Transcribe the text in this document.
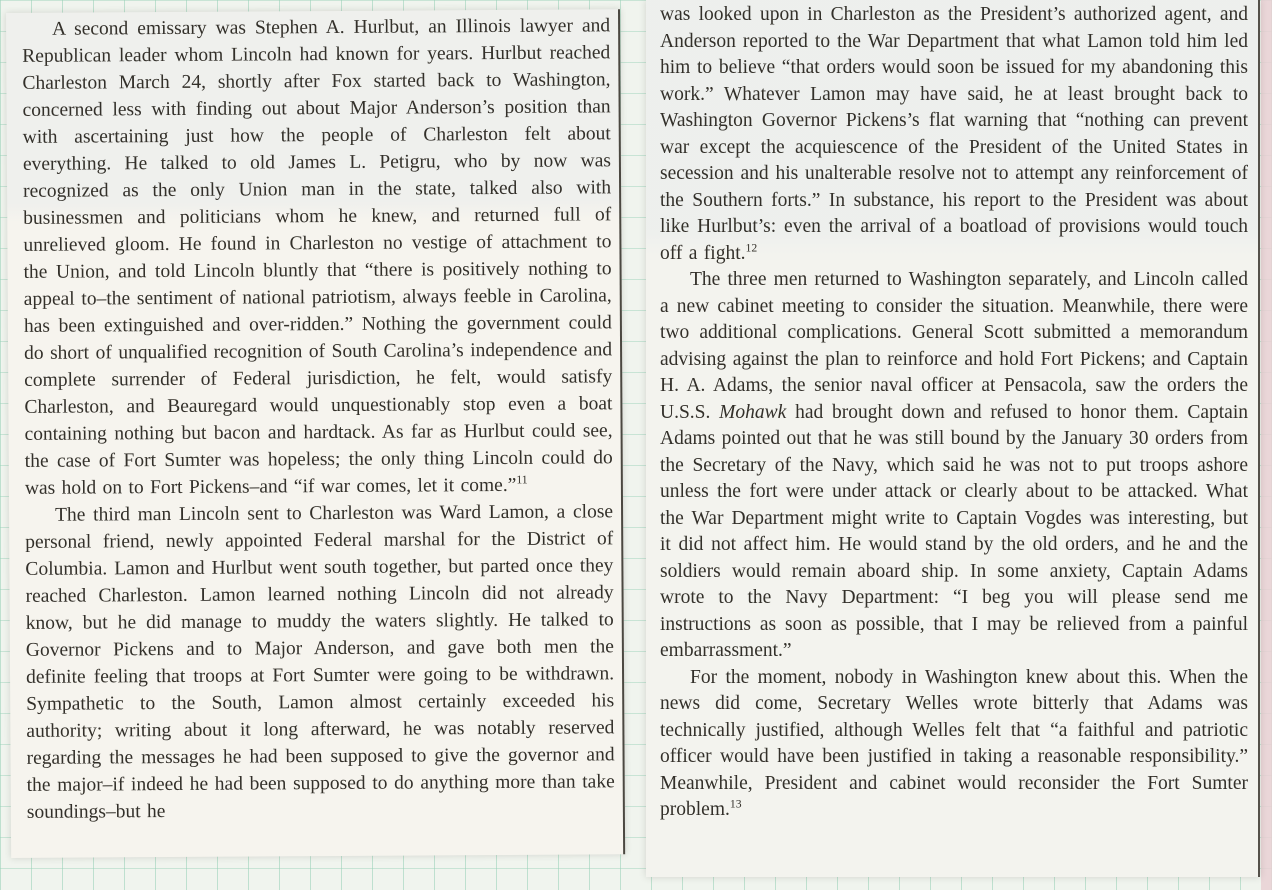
A second emissary was Stephen A. Hurlbut, an Illinois lawyer and Republican leader whom Lincoln had known for years. Hurlbut reached Charleston March 24, shortly after Fox started back to Washington, concerned less with finding out about Major Anderson’s position than with ascertaining just how the people of Charleston felt about everything. He talked to old James L. Petigru, who by now was recognized as the only Union man in the state, talked also with businessmen and politicians whom he knew, and returned full of unrelieved gloom. He found in Charleston no vestige of attachment to the Union, and told Lincoln bluntly that “there is positively nothing to appeal to–the sentiment of national patriotism, always feeble in Carolina, has been extinguished and over-ridden.” Nothing the government could do short of unqualified recognition of South Carolina’s independence and complete surrender of Federal jurisdiction, he felt, would satisfy Charleston, and Beauregard would unquestionably stop even a boat containing nothing but bacon and hardtack. As far as Hurlbut could see, the case of Fort Sumter was hopeless; the only thing Lincoln could do was hold on to Fort Pickens–and “if war comes, let it come.”$^{11}$

The third man Lincoln sent to Charleston was Ward Lamon, a close personal friend, newly appointed Federal marshal for the District of Columbia. Lamon and Hurlbut went south together, but parted once they reached Charleston. Lamon learned nothing Lincoln did not already know, but he did manage to muddy the waters slightly. He talked to Governor Pickens and to Major Anderson, and gave both men the definite feeling that troops at Fort Sumter were going to be withdrawn. Sympathetic to the South, Lamon almost certainly exceeded his authority; writing about it long afterward, he was notably reserved regarding the messages he had been supposed to give the governor and the major–if indeed he had been supposed to do anything more than take soundings–but he

was looked upon in Charleston as the President’s authorized agent, and Anderson reported to the War Department that what Lamon told him led him to believe “that orders would soon be issued for my abandoning this work.” Whatever Lamon may have said, he at least brought back to Washington Governor Pickens’s flat warning that “nothing can prevent war except the acquiescence of the President of the United States in secession and his unalterable resolve not to attempt any reinforcement of the Southern forts.” In substance, his report to the President was about like Hurlbut’s: even the arrival of a boatload of provisions would touch off a fight.$^{12}$

The three men returned to Washington separately, and Lincoln called a new cabinet meeting to consider the situation. Meanwhile, there were two additional complications. General Scott submitted a memorandum advising against the plan to reinforce and hold Fort Pickens; and Captain H. A. Adams, the senior naval officer at Pensacola, saw the orders the U.S.S. Mohawk had brought down and refused to honor them. Captain Adams pointed out that he was still bound by the January 30 orders from the Secretary of the Navy, which said he was not to put troops ashore unless the fort were under attack or clearly about to be attacked. What the War Department might write to Captain Vogdes was interesting, but it did not affect him. He would stand by the old orders, and he and the soldiers would remain aboard ship. In some anxiety, Captain Adams wrote to the Navy Department: “I beg you will please send me instructions as soon as possible, that I may be relieved from a painful embarrassment.”

For the moment, nobody in Washington knew about this. When the news did come, Secretary Welles wrote bitterly that Adams was technically justified, although Welles felt that “a faithful and patriotic officer would have been justified in taking a reasonable responsibility.” Meanwhile, President and cabinet would reconsider the Fort Sumter problem.$^{13}$
